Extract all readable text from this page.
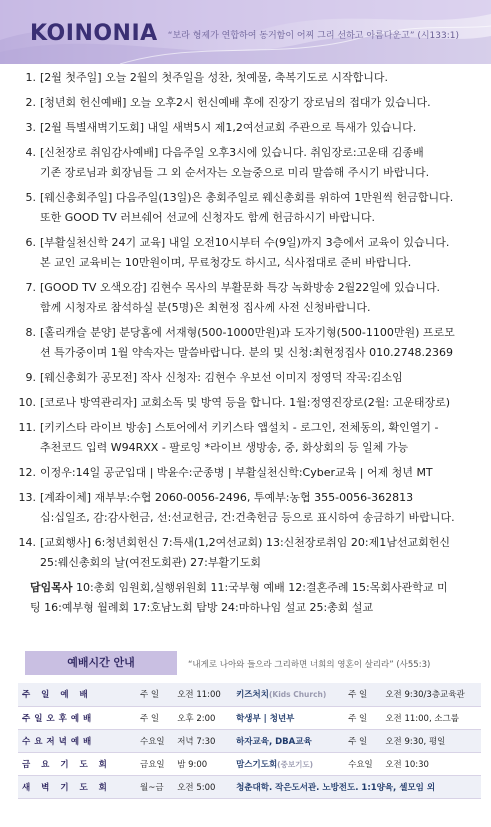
KOINONIA “보라 형제가 연합하여 동거함이 어찌 그리 선하고 아름다운고” (시133:1)
1. [2월 첫주일] 오늘 2월의 첫주일을 성찬, 첫예물, 축복기도로 시작합니다.
2. [청년회 헌신예배] 오늘 오후2시 헌신예배 후에 진장기 장로님의 접대가 있습니다.
3. [2월 특별새벽기도회] 내일 새벽5시 제1,2여선교회 주관으로 특새가 있습니다.
4. [신천장로 취임감사예배] 다음주일 오후3시에 있습니다. 취임장로:고운태 김종배
기존 장로님과 회장님들 그 외 순서자는 오늘중으로 미리 말씀해 주시기 바랍니다.
5. [웨신총회주일] 다음주일(13일)은 총회주일로 웨신총회를 위하여 1만원씩 헌금합니다.
또한 GOOD TV 러브쉐어 선교에 신청자도 함께 헌금하시기 바랍니다.
6. [부활실천신학 24기 교육] 내일 오전10시부터 수(9일)까지 3층에서 교육이 있습니다.
본 교인 교육비는 10만원이며, 무료청강도 하시고, 식사접대로 준비 바랍니다.
7. [GOOD TV 오색오감] 김현수 목사의 부활문화 특강 녹화방송 2월22일에 있습니다.
함께 시청자로 참석하실 분(5명)은 최현정 집사께 사전 신청바랍니다.
8. [홀리캐슬 분양] 분당홈에 서재형(500-1000만원)과 도자기형(500-1100만원) 프로모
션 특가중이며 1월 약속자는 말씀바랍니다. 분의 및 신청:최현정집사 010.2748.2369
9. [웨신총회가 공모전] 작사 신청자: 김현수 우보선 이미지 정영덕 작곡:김소임
10. [코로나 방역관리자] 교회소독 및 방역 등을 합니다. 1월:정영진장로(2월: 고운태장로)
11. [키키스타 라이브 방송] 스토어에서 키키스타 앱설치 - 로그인, 전체동의, 확인열기 -
추천코드 입력 W94RXX - 팔로잉 *라이브 생방송, 중, 화상회의 등 일체 가능
12. 이정우:14일 공군입대 | 박윤수:군종병 | 부활실천신학:Cyber교육 | 어제 청년 MT
13. [계좌이체] 재부부:수협 2060-0056-2496, 투예부:농협 355-0056-362813
십:십일조, 감:감사헌금, 선:선교헌금, 건:건축헌금 등으로 표시하여 송금하기 바랍니다.
14. [교회행사] 6:청년회헌신 7:특새(1,2여선교회) 13:신천장로취임 20:제1남선교회헌신
25:웨신총회의 날(여전도회관) 27:부활기도회
담임목사 10:총회 임원회,실행위원회 11:국부형 예배 12:결혼주례 15:목회사관학교 미
팅 16:예부형 월례회 17:호남노회 탐방 24:마하나임 설교 25:총회 설교
예배시간 안내	“내게로 나아와 들으라 그리하면 너희의 영혼이 살리라” (사55:3)
주 일 예 배	주 일	오전 11:00	키즈처치(Kids Church)	주 일	오전 9:30/3층교육관
주일오후예배	주 일	오후 2:00	학생부 | 청년부	주 일	오전 11:00, 소그룹
수요저녁예배	수요일	저녁 7:30	하자교육, DBA교육	주 일	오전 9:30, 평일
금 요 기 도 회	금요일	밤 9:00	맘스기도회(중보기도)	수요일	오전 10:30
새 벽 기 도 회	월~금	오전 5:00	청춘대학. 작은도서관. 노방전도. 1:1양육, 셀모임 외		
